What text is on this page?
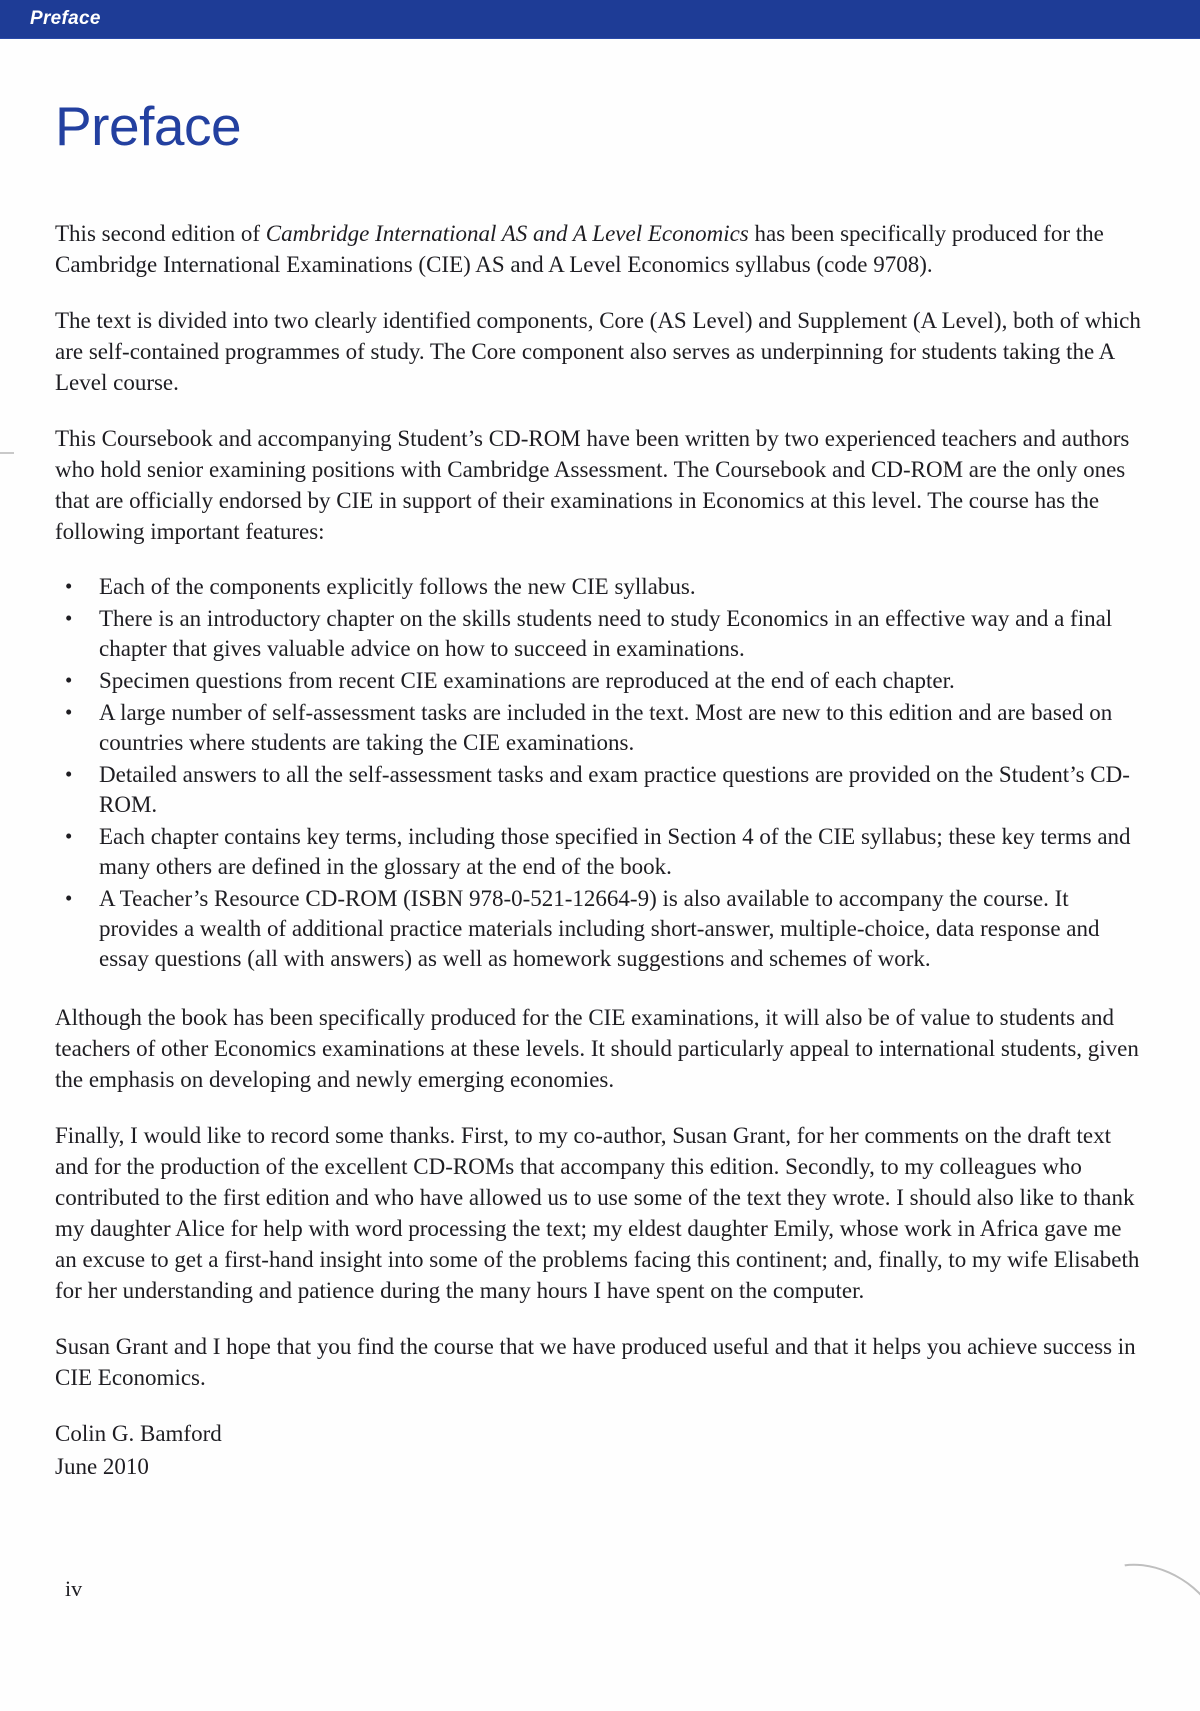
Preface
Preface

This second edition of Cambridge International AS and A Level Economics has been specifically produced for the Cambridge International Examinations (CIE) AS and A Level Economics syllabus (code 9708).

The text is divided into two clearly identified components, Core (AS Level) and Supplement (A Level), both of which are self-contained programmes of study. The Core component also serves as underpinning for students taking the A Level course.

This Coursebook and accompanying Student’s CD-ROM have been written by two experienced teachers and authors who hold senior examining positions with Cambridge Assessment. The Coursebook and CD-ROM are the only ones that are officially endorsed by CIE in support of their examinations in Economics at this level. The course has the following important features:

• Each of the components explicitly follows the new CIE syllabus.
• There is an introductory chapter on the skills students need to study Economics in an effective way and a final chapter that gives valuable advice on how to succeed in examinations.
• Specimen questions from recent CIE examinations are reproduced at the end of each chapter.
• A large number of self-assessment tasks are included in the text. Most are new to this edition and are based on countries where students are taking the CIE examinations.
• Detailed answers to all the self-assessment tasks and exam practice questions are provided on the Student’s CD-ROM.
• Each chapter contains key terms, including those specified in Section 4 of the CIE syllabus; these key terms and many others are defined in the glossary at the end of the book.
• A Teacher’s Resource CD-ROM (ISBN 978-0-521-12664-9) is also available to accompany the course. It provides a wealth of additional practice materials including short-answer, multiple-choice, data response and essay questions (all with answers) as well as homework suggestions and schemes of work.

Although the book has been specifically produced for the CIE examinations, it will also be of value to students and teachers of other Economics examinations at these levels. It should particularly appeal to international students, given the emphasis on developing and newly emerging economies.

Finally, I would like to record some thanks. First, to my co-author, Susan Grant, for her comments on the draft text and for the production of the excellent CD-ROMs that accompany this edition. Secondly, to my colleagues who contributed to the first edition and who have allowed us to use some of the text they wrote. I should also like to thank my daughter Alice for help with word processing the text; my eldest daughter Emily, whose work in Africa gave me an excuse to get a first-hand insight into some of the problems facing this continent; and, finally, to my wife Elisabeth for her understanding and patience during the many hours I have spent on the computer.

Susan Grant and I hope that you find the course that we have produced useful and that it helps you achieve success in CIE Economics.

Colin G. Bamford

June 2010

iv
